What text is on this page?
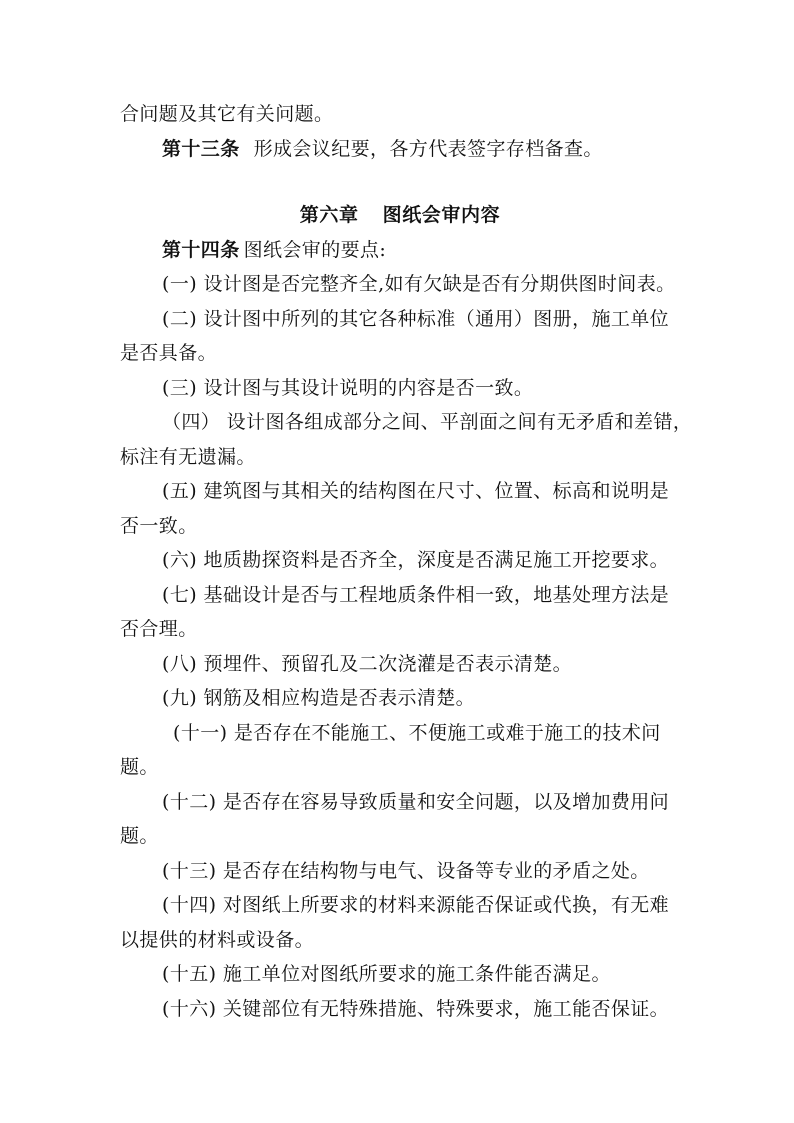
合问题及其它有关问题。
第十三条 形成会议纪要，各方代表签字存档备查。
第六章 图纸会审内容
第十四条 图纸会审的要点:
(一) 设计图是否完整齐全,如有欠缺是否有分期供图时间表。
(二) 设计图中所列的其它各种标准（通用）图册，施工单位
是否具备。
(三) 设计图与其设计说明的内容是否一致。
（四） 设计图各组成部分之间、平剖面之间有无矛盾和差错，
标注有无遗漏。
(五) 建筑图与其相关的结构图在尺寸、位置、标高和说明是
否一致。
(六) 地质勘探资料是否齐全，深度是否满足施工开挖要求。
(七) 基础设计是否与工程地质条件相一致，地基处理方法是
否合理。
(八) 预埋件、预留孔及二次浇灌是否表示清楚。
(九) 钢筋及相应构造是否表示清楚。
(十一) 是否存在不能施工、不便施工或难于施工的技术问
题。
(十二) 是否存在容易导致质量和安全问题，以及增加费用问
题。
(十三) 是否存在结构物与电气、设备等专业的矛盾之处。
(十四) 对图纸上所要求的材料来源能否保证或代换，有无难
以提供的材料或设备。
(十五) 施工单位对图纸所要求的施工条件能否满足。
(十六) 关键部位有无特殊措施、特殊要求，施工能否保证。
